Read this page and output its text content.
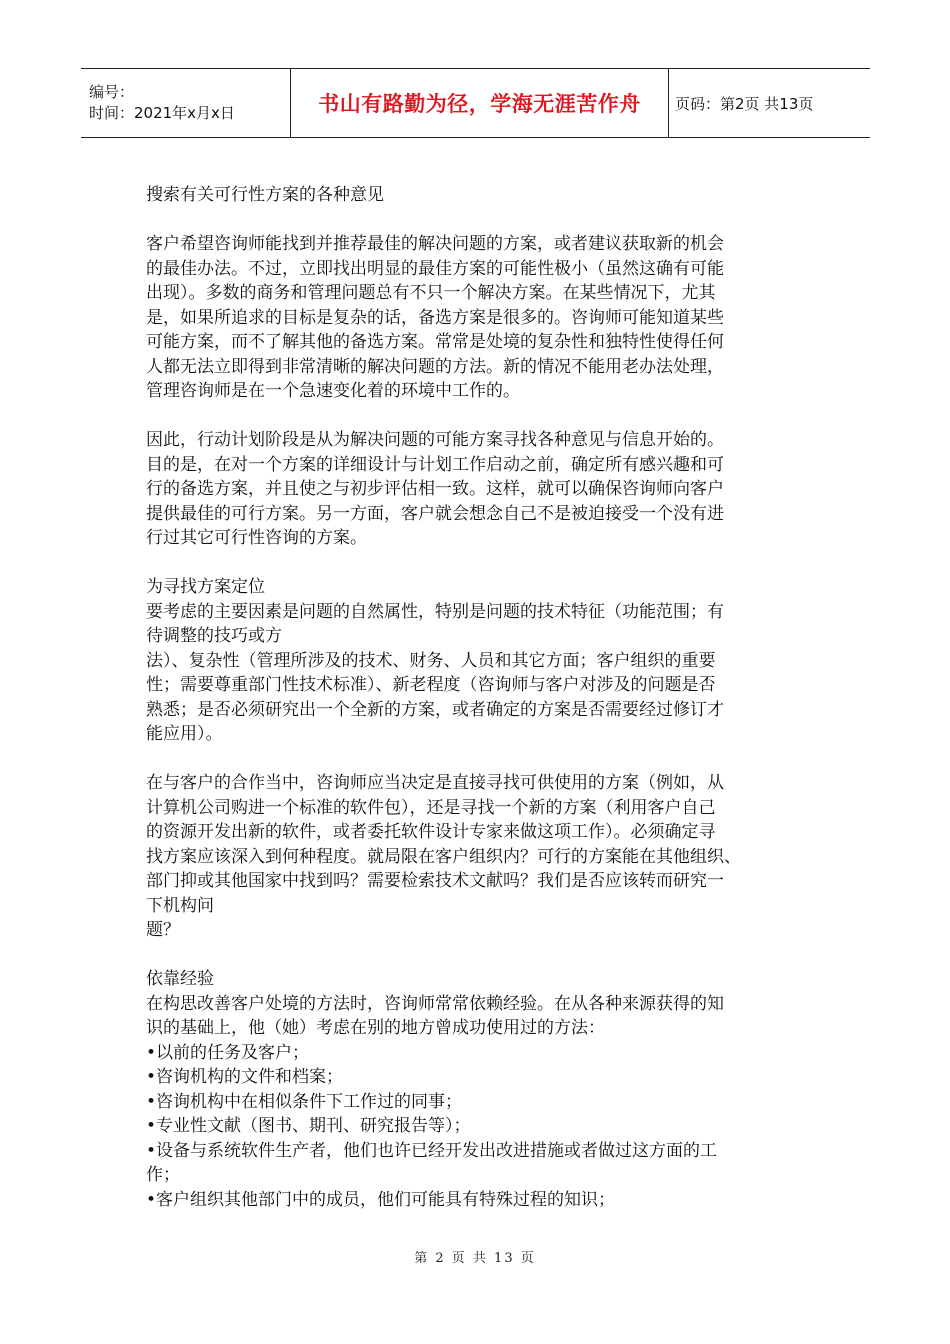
编号：
时间：2021年x月x日	书山有路勤为径，学海无涯苦作舟 页码：第2页 共13页

搜索有关可行性方案的各种意见

客户希望咨询师能找到并推荐最佳的解决问题的方案，或者建议获取新的机会

的最佳办法。不过，立即找出明显的最佳方案的可能性极小（虽然这确有可能

出现）。多数的商务和管理问题总有不只一个解决方案。在某些情况下，尤其

是，如果所追求的目标是复杂的话，备选方案是很多的。咨询师可能知道某些

可能方案，而不了解其他的备选方案。常常是处境的复杂性和独特性使得任何

人都无法立即得到非常清晰的解决问题的方法。新的情况不能用老办法处理，

管理咨询师是在一个急速变化着的环境中工作的。

因此，行动计划阶段是从为解决问题的可能方案寻找各种意见与信息开始的。

目的是，在对一个方案的详细设计与计划工作启动之前，确定所有感兴趣和可

行的备选方案，并且使之与初步评估相一致。这样，就可以确保咨询师向客户

提供最佳的可行方案。另一方面，客户就会想念自己不是被迫接受一个没有进

行过其它可行性咨询的方案。

为寻找方案定位

要考虑的主要因素是问题的自然属性，特别是问题的技术特征（功能范围；有

待调整的技巧或方

法）、复杂性（管理所涉及的技术、财务、人员和其它方面；客户组织的重要

性；需要尊重部门性技术标准）、新老程度（咨询师与客户对涉及的问题是否

熟悉；是否必须研究出一个全新的方案，或者确定的方案是否需要经过修订才

能应用）。

在与客户的合作当中，咨询师应当决定是直接寻找可供使用的方案（例如，从

计算机公司购进一个标准的软件包），还是寻找一个新的方案（利用客户自己

的资源开发出新的软件，或者委托软件设计专家来做这项工作）。必须确定寻

找方案应该深入到何种程度。就局限在客户组织内？可行的方案能在其他组织、

部门抑或其他国家中找到吗？需要检索技术文献吗？我们是否应该转而研究一

下机构问

题？

依靠经验

在构思改善客户处境的方法时，咨询师常常依赖经验。在从各种来源获得的知

识的基础上，他（她）考虑在别的地方曾成功使用过的方法：

•以前的任务及客户；

•咨询机构的文件和档案；

•咨询机构中在相似条件下工作过的同事；

•专业性文献（图书、期刊、研究报告等）；

•设备与系统软件生产者，他们也许已经开发出改进措施或者做过这方面的工

作；

•客户组织其他部门中的成员，他们可能具有特殊过程的知识；

第 2 页 共 13 页
